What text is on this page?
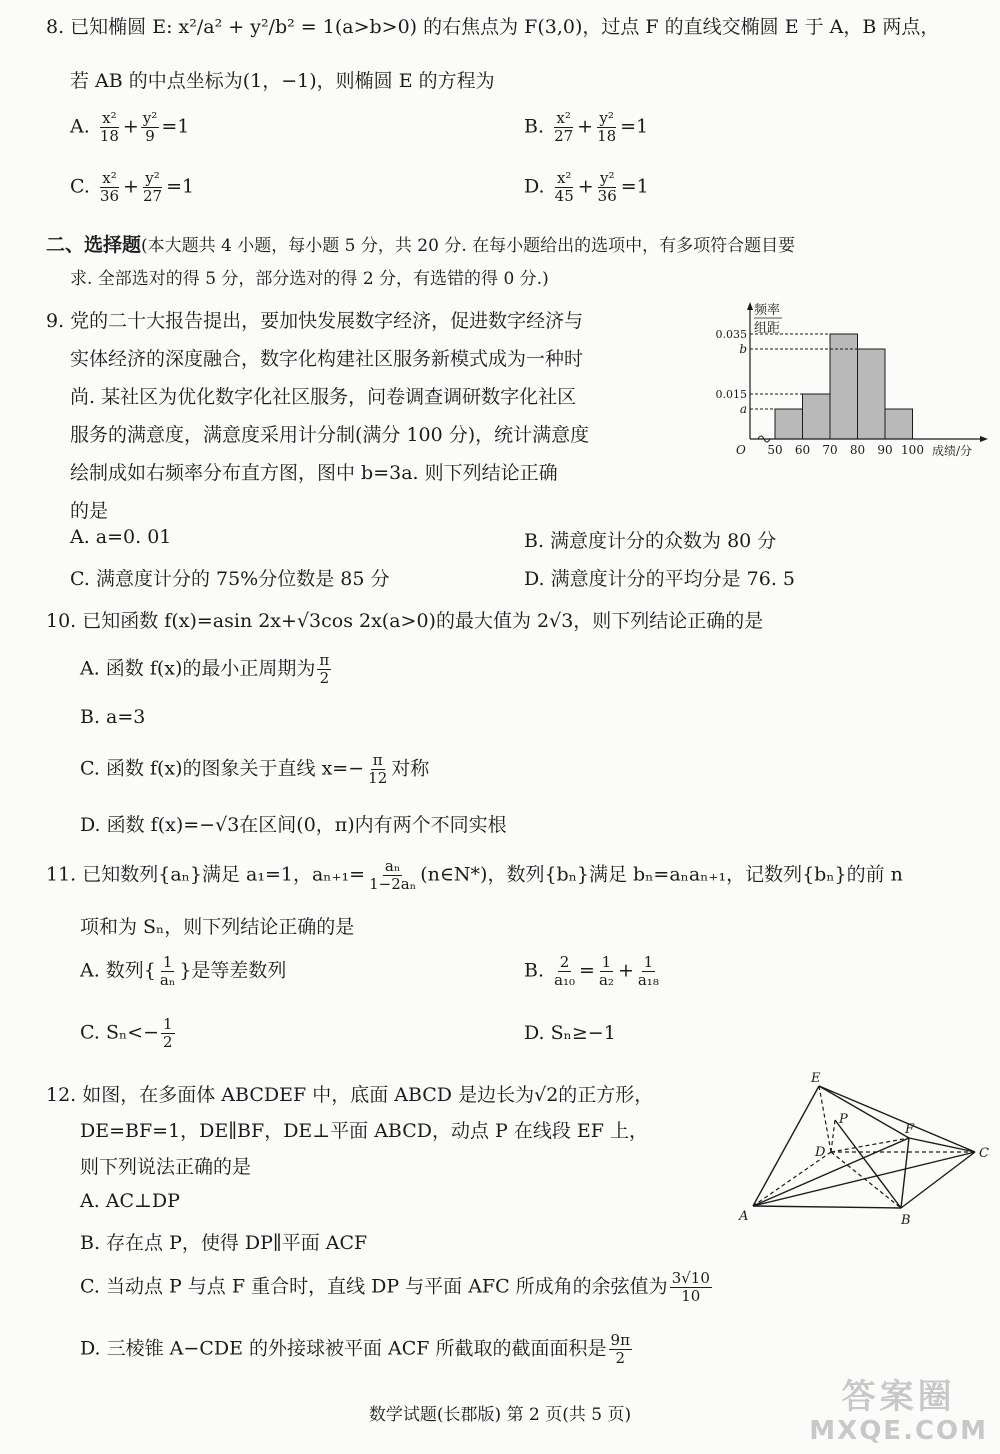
8. 已知椭圆 E: x²/a² + y²/b² = 1(a>b>0) 的右焦点为 F(3,0)，过点 F 的直线交椭圆 E 于 A，B 两点，
若 AB 的中点坐标为(1，−1)，则椭圆 E 的方程为
A. $\frac{\text{x²}}{18} + \frac{\text{y²}}{9} =1$	B. $\frac{\text{x²}}{27} + \frac{\text{y²}}{18} =1$
C. $\frac{\text{x²}}{36} + \frac{\text{y²}}{27} =1$	D. $\frac{\text{x²}}{45} + \frac{\text{y²}}{36} =1$
二、选择题(本大题共 4 小题，每小题 5 分，共 20 分. 在每小题给出的选项中，有多项符合题目要
求. 全部选对的得 5 分，部分选对的得 2 分，有选错的得 0 分.)
9. 党的二十大报告提出，要加快发展数字经济，促进数字经济与
实体经济的深度融合，数字化构建社区服务新模式成为一种时
尚. 某社区为优化数字化社区服务，问卷调查调研数字化社区
服务的满意度，满意度采用计分制(满分 100 分)，统计满意度
绘制成如右频率分布直方图，图中 b=3a. 则下列结论正确
的是
频率
组距
0.035
b
0.015
a
O 50 60 70 80 90 100 成绩/分
A. a=0. 01	B. 满意度计分的众数为 80 分
C. 满意度计分的 75%分位数是 85 分	D. 满意度计分的平均分是 76. 5
10. 已知函数 f(x)=asin 2x+√3cos 2x(a>0)的最大值为 2√3，则下列结论正确的是
A. 函数 f(x)的最小正周期为 $\frac{\pi}{2}$
B. a=3
C. 函数 f(x)的图象关于直线 $x=- \frac{\pi}{12}$ 对称
D. 函数 f(x)=−√3在区间(0，π)内有两个不同实根
11. 已知数列{aₙ}满足 a₁=1，$a_{n+1}= \frac{\text{aₙ}}{\text{1−2aₙ}}$ (n∈N*)，数列{bₙ}满足 bₙ=aₙaₙ₊₁，记数列{bₙ}的前 n
项和为 Sₙ，则下列结论正确的是
A. 数列{ $\frac{1}{\text{aₙ}}$ }是等差数列	B. $\frac{2}{\text{a₁₀}} = \frac{1}{\text{a₂}} + \frac{1}{\text{a₁₈}}$
C. $S_n<- \frac{1}{2}$	D. Sₙ≥−1
12. 如图，在多面体 ABCDEF 中，底面 ABCD 是边长为√2的正方形，
DE=BF=1，DE∥BF，DE⊥平面 ABCD，动点 P 在线段 EF 上，
则下列说法正确的是
A. AC⊥DP
B. 存在点 P，使得 DP∥平面 ACF
C. 当动点 P 与点 F 重合时，直线 DP 与平面 AFC 所成角的余弦值为 $\frac{3√10}{10}$
D. 三棱锥 A−CDE 的外接球被平面 ACF 所截取的截面面积是 $\frac{9\pi}{2}$
E
P
F
D	C
A	B
数学试题(长郡版) 第 2 页(共 5 页)	答案圈
MXQE.COM
